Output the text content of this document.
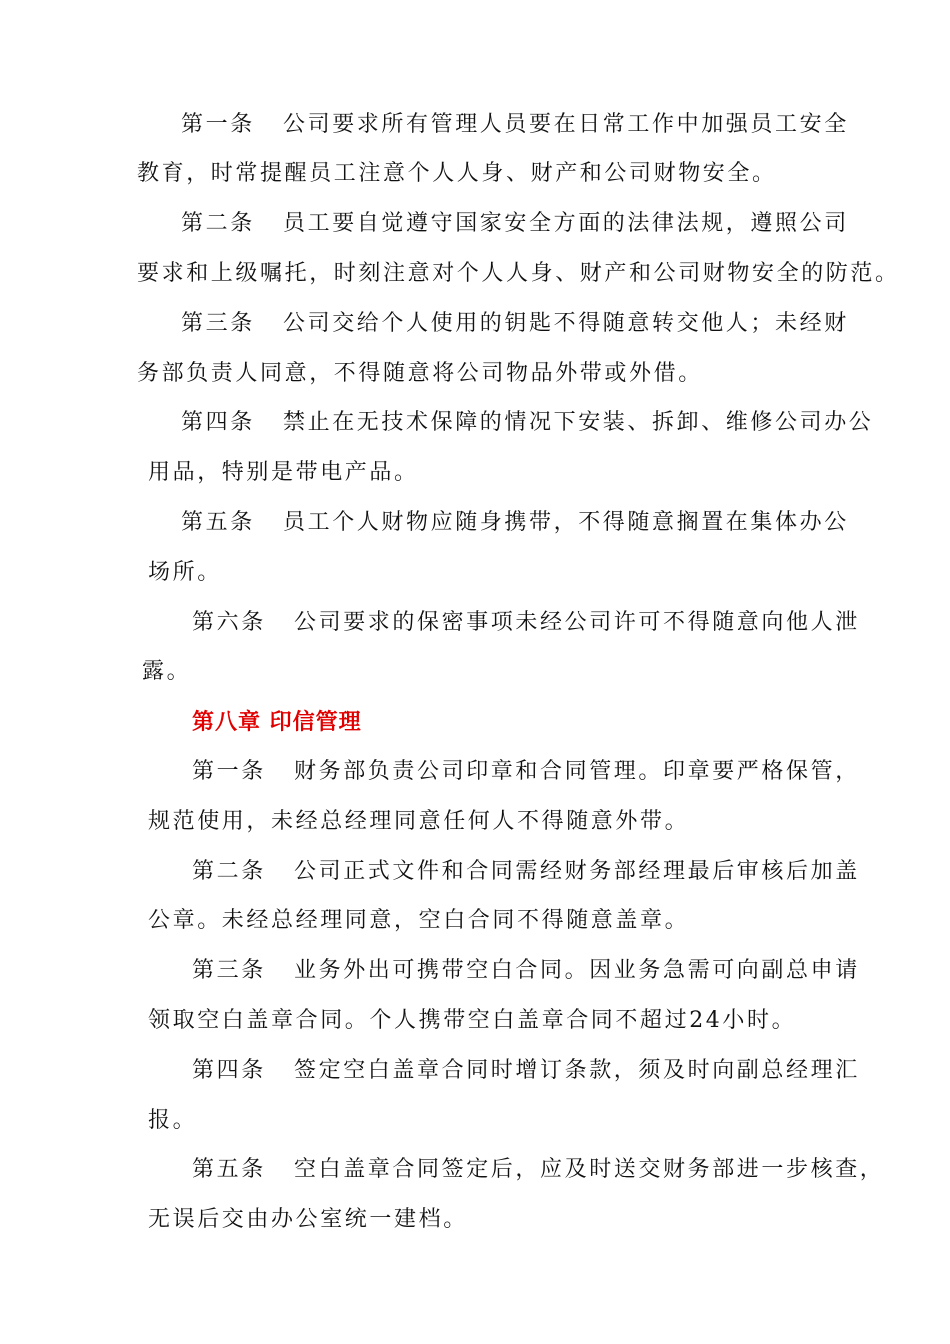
第一条 公司要求所有管理人员要在日常工作中加强员工安全
教育，时常提醒员工注意个人人身、财产和公司财物安全。
第二条 员工要自觉遵守国家安全方面的法律法规，遵照公司
要求和上级嘱托，时刻注意对个人人身、财产和公司财物安全的防范。
第三条 公司交给个人使用的钥匙不得随意转交他人；未经财
务部负责人同意，不得随意将公司物品外带或外借。
第四条 禁止在无技术保障的情况下安装、拆卸、维修公司办公
用品，特别是带电产品。
第五条 员工个人财物应随身携带，不得随意搁置在集体办公
场所。
第六条 公司要求的保密事项未经公司许可不得随意向他人泄
露。
第八章 印信管理
第一条 财务部负责公司印章和合同管理。印章要严格保管，
规范使用，未经总经理同意任何人不得随意外带。
第二条 公司正式文件和合同需经财务部经理最后审核后加盖
公章。未经总经理同意，空白合同不得随意盖章。
第三条 业务外出可携带空白合同。因业务急需可向副总申请
领取空白盖章合同。个人携带空白盖章合同不超过24小时。
第四条 签定空白盖章合同时增订条款，须及时向副总经理汇
报。
第五条 空白盖章合同签定后，应及时送交财务部进一步核查，
无误后交由办公室统一建档。
